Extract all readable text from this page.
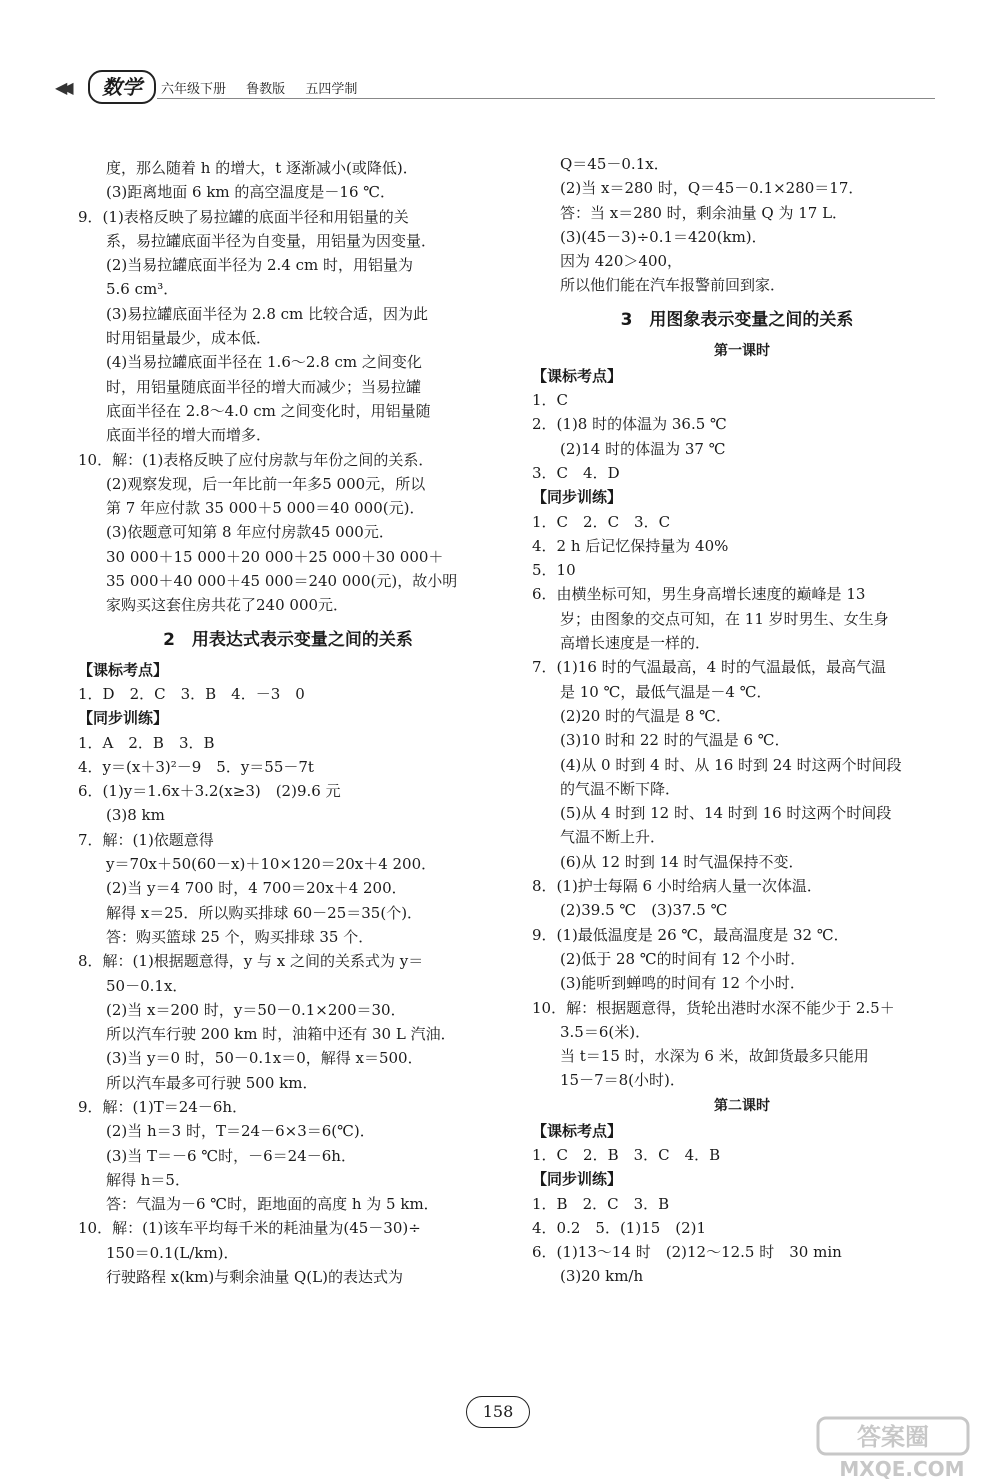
◀◀	数学	六年级下册 鲁教版 五四学制
度，那么随着 h 的增大，t 逐渐减小(或降低)．
(3)距离地面 6 km 的高空温度是－16 ℃．
9．(1)表格反映了易拉罐的底面半径和用铝量的关
系，易拉罐底面半径为自变量，用铝量为因变量．
(2)当易拉罐底面半径为 2.4 cm 时，用铝量为
5.6 cm³．
(3)易拉罐底面半径为 2.8 cm 比较合适，因为此
时用铝量最少，成本低．
(4)当易拉罐底面半径在 1.6～2.8 cm 之间变化
时，用铝量随底面半径的增大而减少；当易拉罐
底面半径在 2.8～4.0 cm 之间变化时，用铝量随
底面半径的增大而增多．
10．解：(1)表格反映了应付房款与年份之间的关系．
(2)观察发现，后一年比前一年多5 000元，所以
第 7 年应付款 35 000＋5 000＝40 000(元)．
(3)依题意可知第 8 年应付房款45 000元．
30 000＋15 000＋20 000＋25 000＋30 000＋
35 000＋40 000＋45 000＝240 000(元)，故小明
家购买这套住房共花了240 000元．
2　用表达式表示变量之间的关系
【课标考点】
1．D　2．C　3．B　4．－3　0
【同步训练】
1．A　2．B　3．B
4．y＝(x＋3)²－9　5．y＝55－7t
6．(1)y＝1.6x＋3.2(x≥3)　(2)9.6 元
(3)8 km
7．解：(1)依题意得
y＝70x＋50(60－x)＋10×120＝20x＋4 200．
(2)当 y＝4 700 时，4 700＝20x＋4 200．
解得 x＝25．所以购买排球 60－25＝35(个)．
答：购买篮球 25 个，购买排球 35 个．
8．解：(1)根据题意得，y 与 x 之间的关系式为 y＝
50－0.1x．
(2)当 x＝200 时，y＝50－0.1×200＝30．
所以汽车行驶 200 km 时，油箱中还有 30 L 汽油．
(3)当 y＝0 时，50－0.1x＝0，解得 x＝500．
所以汽车最多可行驶 500 km．
9．解：(1)T＝24－6h．
(2)当 h＝3 时，T＝24－6×3＝6(℃)．
(3)当 T＝－6 ℃时，－6＝24－6h．
解得 h＝5．
答：气温为－6 ℃时，距地面的高度 h 为 5 km．
10．解：(1)该车平均每千米的耗油量为(45－30)÷
150＝0.1(L/km)．
行驶路程 x(km)与剩余油量 Q(L)的表达式为
Q＝45－0.1x．
(2)当 x＝280 时，Q＝45－0.1×280＝17．
答：当 x＝280 时，剩余油量 Q 为 17 L．
(3)(45－3)÷0.1＝420(km)．
因为 420＞400，
所以他们能在汽车报警前回到家．
3　用图象表示变量之间的关系
第一课时
【课标考点】
1．C
2．(1)8 时的体温为 36.5 ℃
(2)14 时的体温为 37 ℃
3．C　4．D
【同步训练】
1．C　2．C　3．C
4．2 h 后记忆保持量为 40%
5．10
6．由横坐标可知，男生身高增长速度的巅峰是 13
岁；由图象的交点可知，在 11 岁时男生、女生身
高增长速度是一样的．
7．(1)16 时的气温最高，4 时的气温最低，最高气温
是 10 ℃，最低气温是－4 ℃．
(2)20 时的气温是 8 ℃．
(3)10 时和 22 时的气温是 6 ℃．
(4)从 0 时到 4 时、从 16 时到 24 时这两个时间段
的气温不断下降．
(5)从 4 时到 12 时、14 时到 16 时这两个时间段
气温不断上升．
(6)从 12 时到 14 时气温保持不变．
8．(1)护士每隔 6 小时给病人量一次体温．
(2)39.5 ℃　(3)37.5 ℃
9．(1)最低温度是 26 ℃，最高温度是 32 ℃．
(2)低于 28 ℃的时间有 12 个小时．
(3)能听到蝉鸣的时间有 12 个小时．
10．解：根据题意得，货轮出港时水深不能少于 2.5＋
3.5＝6(米)．
当 t＝15 时，水深为 6 米，故卸货最多只能用
15－7＝8(小时)．
第二课时
【课标考点】
1．C　2．B　3．C　4．B
【同步训练】
1．B　2．C　3．B
4．0.2　5．(1)15　(2)1
6．(1)13～14 时　(2)12～12.5 时　30 min
(3)20 km/h
158
答案圈
MXQE.COM
